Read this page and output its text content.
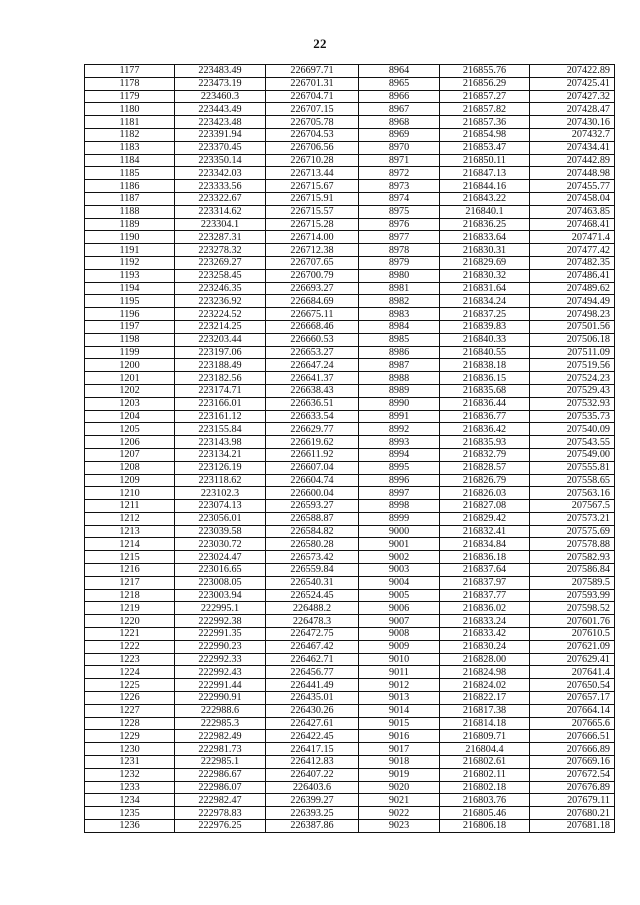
22
1177	223483.49	226697.71	8964	216855.76	207422.89
1178	223473.19	226701.31	8965	216856.29	207425.41
1179	223460.3	226704.71	8966	216857.27	207427.32
1180	223443.49	226707.15	8967	216857.82	207428.47
1181	223423.48	226705.78	8968	216857.36	207430.16
1182	223391.94	226704.53	8969	216854.98	207432.7
1183	223370.45	226706.56	8970	216853.47	207434.41
1184	223350.14	226710.28	8971	216850.11	207442.89
1185	223342.03	226713.44	8972	216847.13	207448.98
1186	223333.56	226715.67	8973	216844.16	207455.77
1187	223322.67	226715.91	8974	216843.22	207458.04
1188	223314.62	226715.57	8975	216840.1	207463.85
1189	223304.1	226715.28	8976	216836.25	207468.41
1190	223287.31	226714.00	8977	216833.64	207471.4
1191	223278.32	226712.38	8978	216830.31	207477.42
1192	223269.27	226707.65	8979	216829.69	207482.35
1193	223258.45	226700.79	8980	216830.32	207486.41
1194	223246.35	226693.27	8981	216831.64	207489.62
1195	223236.92	226684.69	8982	216834.24	207494.49
1196	223224.52	226675.11	8983	216837.25	207498.23
1197	223214.25	226668.46	8984	216839.83	207501.56
1198	223203.44	226660.53	8985	216840.33	207506.18
1199	223197.06	226653.27	8986	216840.55	207511.09
1200	223188.49	226647.24	8987	216838.18	207519.56
1201	223182.56	226641.37	8988	216836.15	207524.23
1202	223174.71	226638.43	8989	216835.68	207529.43
1203	223166.01	226636.51	8990	216836.44	207532.93
1204	223161.12	226633.54	8991	216836.77	207535.73
1205	223155.84	226629.77	8992	216836.42	207540.09
1206	223143.98	226619.62	8993	216835.93	207543.55
1207	223134.21	226611.92	8994	216832.79	207549.00
1208	223126.19	226607.04	8995	216828.57	207555.81
1209	223118.62	226604.74	8996	216826.79	207558.65
1210	223102.3	226600.04	8997	216826.03	207563.16
1211	223074.13	226593.27	8998	216827.08	207567.5
1212	223056.01	226588.87	8999	216829.42	207573.21
1213	223039.58	226584.82	9000	216832.41	207575.69
1214	223030.72	226580.28	9001	216834.84	207578.88
1215	223024.47	226573.42	9002	216836.18	207582.93
1216	223016.65	226559.84	9003	216837.64	207586.84
1217	223008.05	226540.31	9004	216837.97	207589.5
1218	223003.94	226524.45	9005	216837.77	207593.99
1219	222995.1	226488.2	9006	216836.02	207598.52
1220	222992.38	226478.3	9007	216833.24	207601.76
1221	222991.35	226472.75	9008	216833.42	207610.5
1222	222990.23	226467.42	9009	216830.24	207621.09
1223	222992.33	226462.71	9010	216828.00	207629.41
1224	222992.43	226456.77	9011	216824.98	207641.4
1225	222991.44	226441.49	9012	216824.02	207650.54
1226	222990.91	226435.01	9013	216822.17	207657.17
1227	222988.6	226430.26	9014	216817.38	207664.14
1228	222985.3	226427.61	9015	216814.18	207665.6
1229	222982.49	226422.45	9016	216809.71	207666.51
1230	222981.73	226417.15	9017	216804.4	207666.89
1231	222985.1	226412.83	9018	216802.61	207669.16
1232	222986.67	226407.22	9019	216802.11	207672.54
1233	222986.07	226403.6	9020	216802.18	207676.89
1234	222982.47	226399.27	9021	216803.76	207679.11
1235	222978.83	226393.25	9022	216805.46	207680.21
1236	222976.25	226387.86	9023	216806.18	207681.18
